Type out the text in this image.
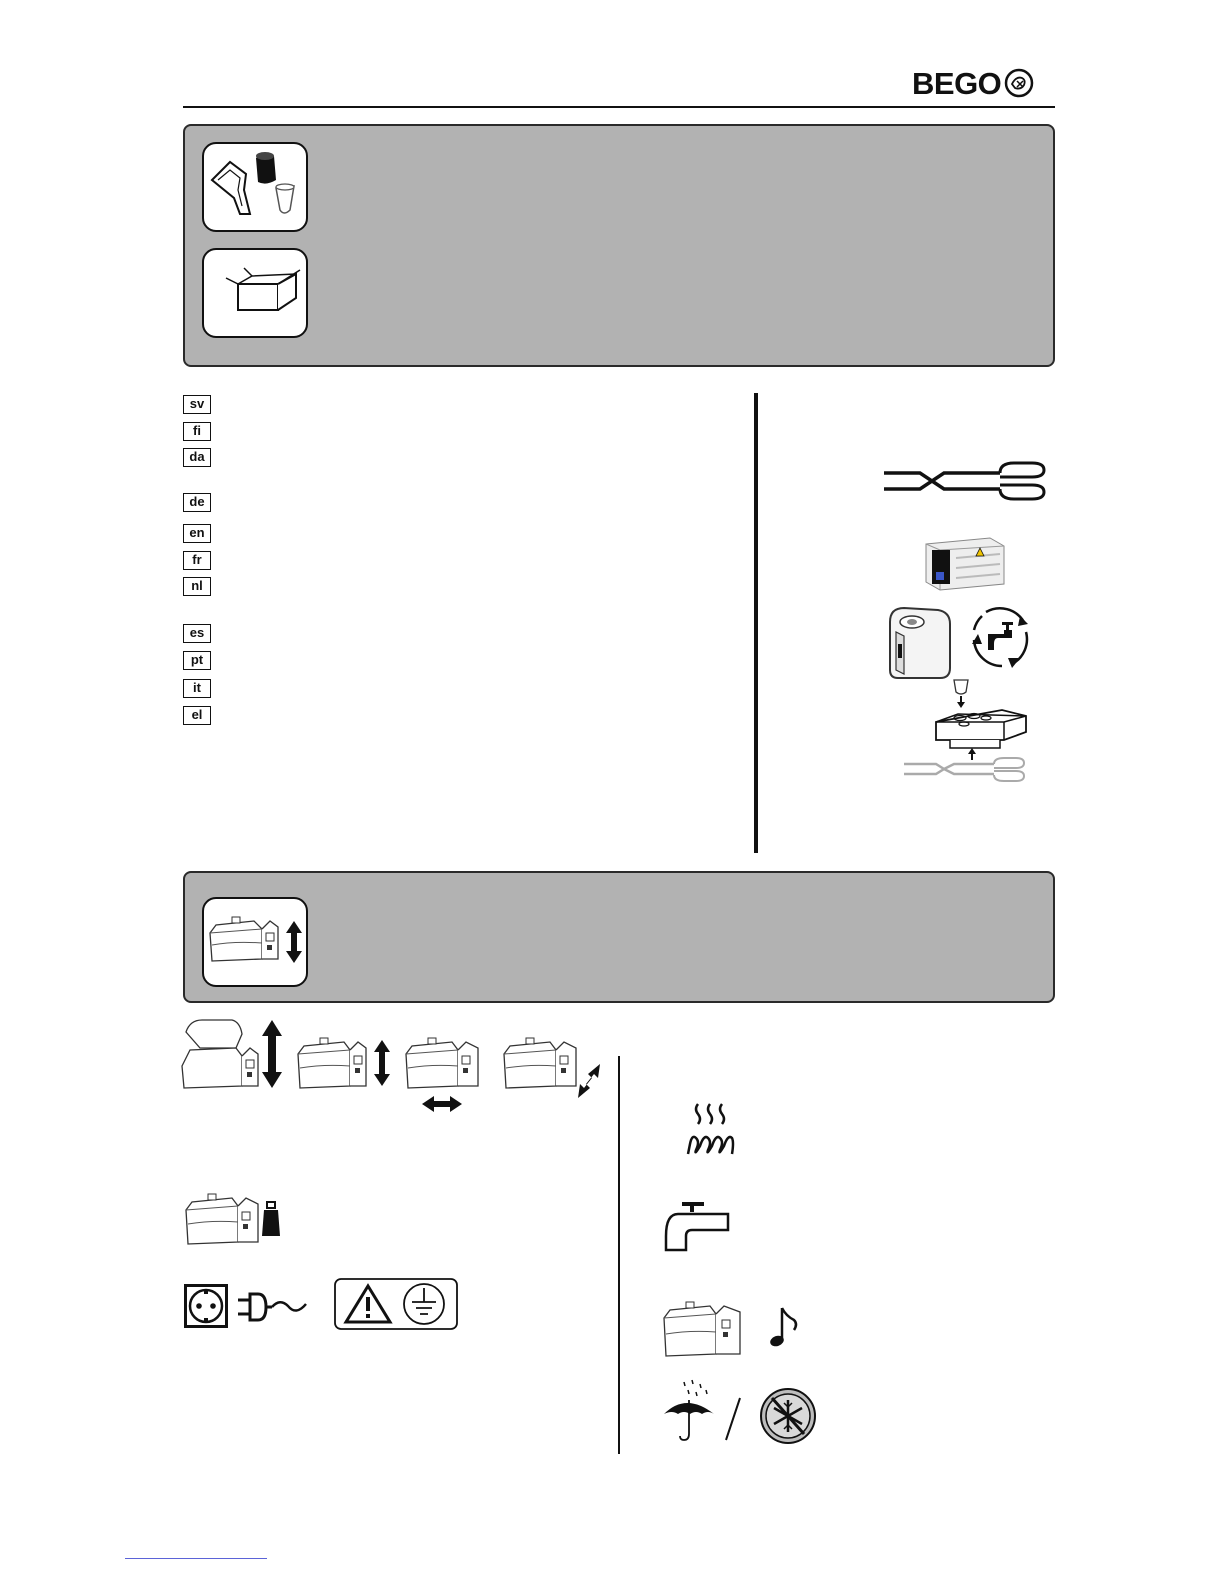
BEGO
sv
fi
da
de
en
fr
nl
es
pt
it
el
